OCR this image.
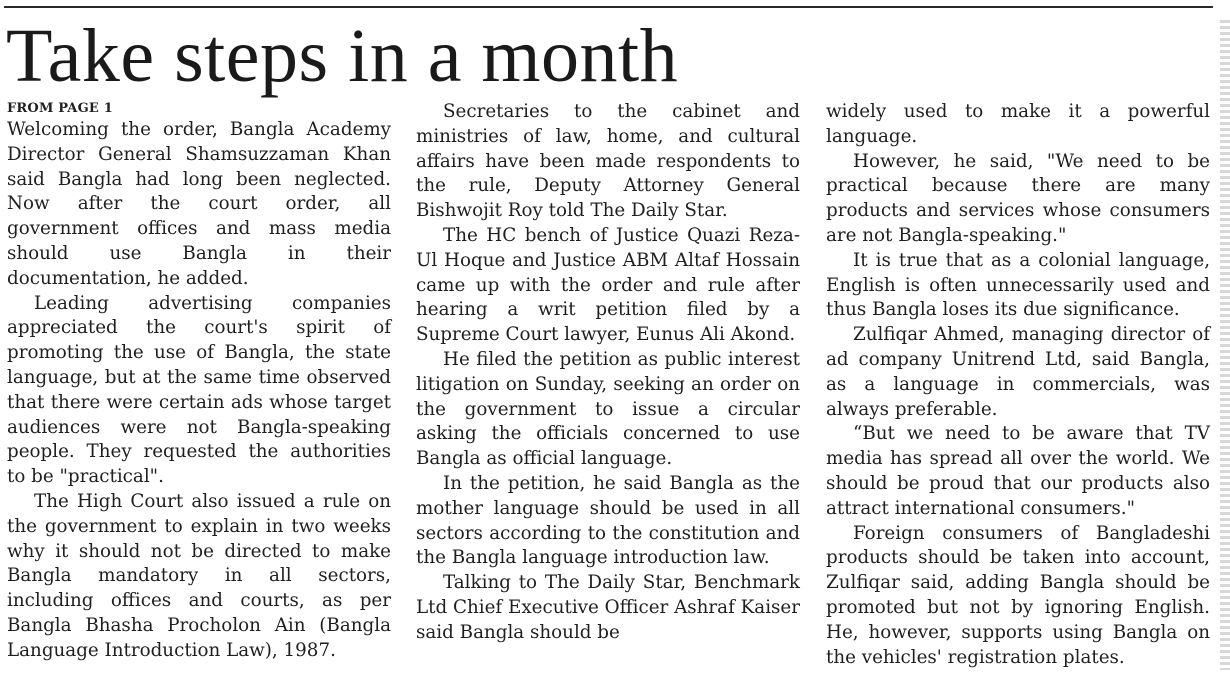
Take steps in a month
FROM PAGE 1

Welcoming the order, Bangla Academy Director General Shamsuzzaman Khan said Bangla had long been neglected. Now after the court order, all government offices and mass media should use Bangla in their documentation, he added.

Leading advertising companies appreciated the court's spirit of promoting the use of Bangla, the state language, but at the same time observed that there were certain ads whose target audiences were not Bangla-speaking people. They requested the authorities to be "practical".

The High Court also issued a rule on the government to explain in two weeks why it should not be directed to make Bangla mandatory in all sectors, including offices and courts, as per Bangla Bhasha Procholon Ain (Bangla Language Introduction Law), 1987.

Secretaries to the cabinet and ministries of law, home, and cultural affairs have been made respondents to the rule, Deputy Attorney General Bishwojit Roy told The Daily Star.

The HC bench of Justice Quazi Reza-Ul Hoque and Justice ABM Altaf Hossain came up with the order and rule after hearing a writ petition filed by a Supreme Court lawyer, Eunus Ali Akond.

He filed the petition as public interest litigation on Sunday, seeking an order on the government to issue a circular asking the officials concerned to use Bangla as official language.

In the petition, he said Bangla as the mother language should be used in all sectors according to the constitution and the Bangla language introduction law.

Talking to The Daily Star, Benchmark Ltd Chief Executive Officer Ashraf Kaiser said Bangla should be

widely used to make it a powerful language.

However, he said, "We need to be practical because there are many products and services whose consumers are not Bangla-speaking."

It is true that as a colonial language, English is often unnecessarily used and thus Bangla loses its due significance.

Zulfiqar Ahmed, managing director of ad company Unitrend Ltd, said Bangla, as a language in commercials, was always preferable.

“But we need to be aware that TV media has spread all over the world. We should be proud that our products also attract international consumers."

Foreign consumers of Bangladeshi products should be taken into account, Zulfiqar said, adding Bangla should be promoted but not by ignoring English. He, however, supports using Bangla on the vehicles' registration plates.
